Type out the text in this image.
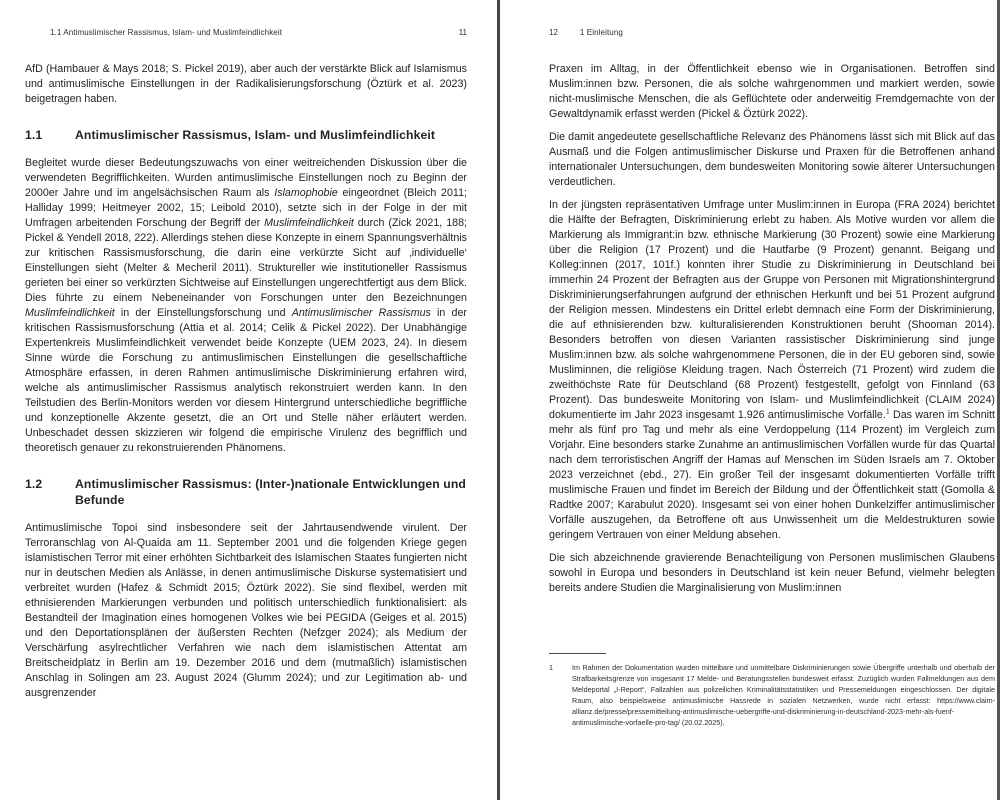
1.1 Antimuslimischer Rassismus, Islam- und Muslimfeindlichkeit	11

AfD (Hambauer & Mays 2018; S. Pickel 2019), aber auch der verstärkte Blick auf Islamismus und antimuslimische Einstellungen in der Radikalisierungsforschung (Öztürk et al. 2023) beigetragen haben.

1.1	Antimuslimischer Rassismus, Islam- und Muslimfeindlichkeit

Begleitet wurde dieser Bedeutungszuwachs von einer weitreichenden Diskussion über die verwendeten Begrifflichkeiten. Wurden antimuslimische Einstellungen noch zu Beginn der 2000er Jahre und im angelsächsischen Raum als Islamophobie eingeordnet (Bleich 2011; Halliday 1999; Heitmeyer 2002, 15; Leibold 2010), setzte sich in der Folge in der mit Umfragen arbeitenden Forschung der Begriff der Muslimfeindlichkeit durch (Zick 2021, 188; Pickel & Yendell 2018, 222). Allerdings stehen diese Konzepte in einem Spannungsverhältnis zur kritischen Rassismusforschung, die darin eine verkürzte Sicht auf ‚individuelle‘ Einstellungen sieht (Melter & Mecheril 2011). Struktureller wie institutioneller Rassismus gerieten bei einer so verkürzten Sichtweise auf Einstellungen ungerechtfertigt aus dem Blick. Dies führte zu einem Nebeneinander von Forschungen unter den Bezeichnungen Muslimfeindlichkeit in der Einstellungsforschung und Antimuslimischer Rassismus in der kritischen Rassismusforschung (Attia et al. 2014; Celik & Pickel 2022). Der Unabhängige Expertenkreis Muslimfeindlichkeit verwendet beide Konzepte (UEM 2023, 24). In diesem Sinne würde die Forschung zu antimuslimischen Einstellungen die gesellschaftliche Atmosphäre erfassen, in deren Rahmen antimuslimische Diskriminierung erfahren wird, welche als antimuslimischer Rassismus analytisch rekonstruiert werden kann. In den Teilstudien des Berlin-Monitors werden vor diesem Hintergrund unterschiedliche begriffliche und konzeptionelle Akzente gesetzt, die an Ort und Stelle näher erläutert werden. Unbeschadet dessen skizzieren wir folgend die empirische Virulenz des begrifflich und theoretisch genauer zu rekonstruierenden Phänomens.

1.2	Antimuslimischer Rassismus: (Inter-)nationale Entwicklungen und Befunde

Antimuslimische Topoi sind insbesondere seit der Jahrtausendwende virulent. Der Terroranschlag von Al-Quaida am 11. September 2001 und die folgenden Kriege gegen islamistischen Terror mit einer erhöhten Sichtbarkeit des Islamischen Staates fungierten nicht nur in deutschen Medien als Anlässe, in denen antimuslimische Diskurse systematisiert und verbreitet wurden (Hafez & Schmidt 2015; Öztürk 2022). Sie sind flexibel, werden mit ethnisierenden Markierungen verbunden und politisch unterschiedlich funktionalisiert: als Bestandteil der Imagination eines homogenen Volkes wie bei PEGIDA (Geiges et al. 2015) und den Deportationsplänen der äußersten Rechten (Nefzger 2024); als Medium der Verschärfung asylrechtlicher Verfahren wie nach dem islamistischen Attentat am Breitscheidplatz in Berlin am 19. Dezember 2016 und dem (mutmaßlich) islamistischen Anschlag in Solingen am 23. August 2024 (Glumm 2024); und zur Legitimation ab- und ausgrenzender

12	1 Einleitung

Praxen im Alltag, in der Öffentlichkeit ebenso wie in Organisationen. Betroffen sind Muslim:innen bzw. Personen, die als solche wahrgenommen und markiert werden, sowie nicht-muslimische Menschen, die als Geflüchtete oder anderweitig Fremdgemachte von der Gewaltdynamik erfasst werden (Pickel & Öztürk 2022).

Die damit angedeutete gesellschaftliche Relevanz des Phänomens lässt sich mit Blick auf das Ausmaß und die Folgen antimuslimischer Diskurse und Praxen für die Betroffenen anhand internationaler Untersuchungen, dem bundesweiten Monitoring sowie älterer Untersuchungen verdeutlichen.

In der jüngsten repräsentativen Umfrage unter Muslim:innen in Europa (FRA 2024) berichtet die Hälfte der Befragten, Diskriminierung erlebt zu haben. Als Motive wurden vor allem die Markierung als Immigrant:in bzw. ethnische Markierung (30 Prozent) sowie eine Markierung über die Religion (17 Prozent) und die Hautfarbe (9 Prozent) genannt. Beigang und Kolleg:innen (2017, 101f.) konnten ihrer Studie zu Diskriminierung in Deutschland bei immerhin 24 Prozent der Befragten aus der Gruppe von Personen mit Migrationshintergrund Diskriminierungserfahrungen aufgrund der ethnischen Herkunft und bei 51 Prozent aufgrund der Religion messen. Mindestens ein Drittel erlebt demnach eine Form der Diskriminierung, die auf ethnisierenden bzw. kulturalisierenden Konstruktionen beruht (Shooman 2014). Besonders betroffen von diesen Varianten rassistischer Diskriminierung sind junge Muslim:innen bzw. als solche wahrgenommene Personen, die in der EU geboren sind, sowie Musliminnen, die religiöse Kleidung tragen. Nach Österreich (71 Prozent) wird zudem die zweithöchste Rate für Deutschland (68 Prozent) festgestellt, gefolgt von Finnland (63 Prozent). Das bundesweite Monitoring von Islam- und Muslimfeindlichkeit (CLAIM 2024) dokumentierte im Jahr 2023 insgesamt 1.926 antimuslimische Vorfälle.$^1$ Das waren im Schnitt mehr als fünf pro Tag und mehr als eine Verdoppelung (114 Prozent) im Vergleich zum Vorjahr. Eine besonders starke Zunahme an antimuslimischen Vorfällen wurde für das Quartal nach dem terroristischen Angriff der Hamas auf Menschen im Süden Israels am 7. Oktober 2023 verzeichnet (ebd., 27). Ein großer Teil der insgesamt dokumentierten Vorfälle trifft muslimische Frauen und findet im Bereich der Bildung und der Öffentlichkeit statt (Gomolla & Radtke 2007; Karabulut 2020). Insgesamt sei von einer hohen Dunkelziffer antimuslimischer Vorfälle auszugehen, da Betroffene oft aus Unwissenheit um die Meldestrukturen sowie geringem Vertrauen von einer Meldung absehen.

Die sich abzeichnende gravierende Benachteiligung von Personen muslimischen Glaubens sowohl in Europa und besonders in Deutschland ist kein neuer Befund, vielmehr belegten bereits andere Studien die Marginalisierung von Muslim:innen

1	Im Rahmen der Dokumentation wurden mittelbare und unmittelbare Diskriminierungen sowie Übergriffe unterhalb und oberhalb der Strafbarkeitsgrenze von insgesamt 17 Melde- und Beratungsstellen bundesweit erfasst. Zuzüglich wurden Fallmeldungen aus dem Meldeportal „I-Report“, Fallzahlen aus polizeilichen Kriminalitätsstatistiken und Pressemeldungen eingeschlossen. Der digitale Raum, also beispielsweise antimuslimische Hassrede in sozialen Netzwerken, wurde nicht erfasst: https://www.claim-allianz.de/presse/pressemitteilung-antimuslimische-uebergriffe-und-diskriminierung-in-deutschland-2023-mehr-als-fuenf-antimuslimische-vorfaelle-pro-tag/ (20.02.2025).
